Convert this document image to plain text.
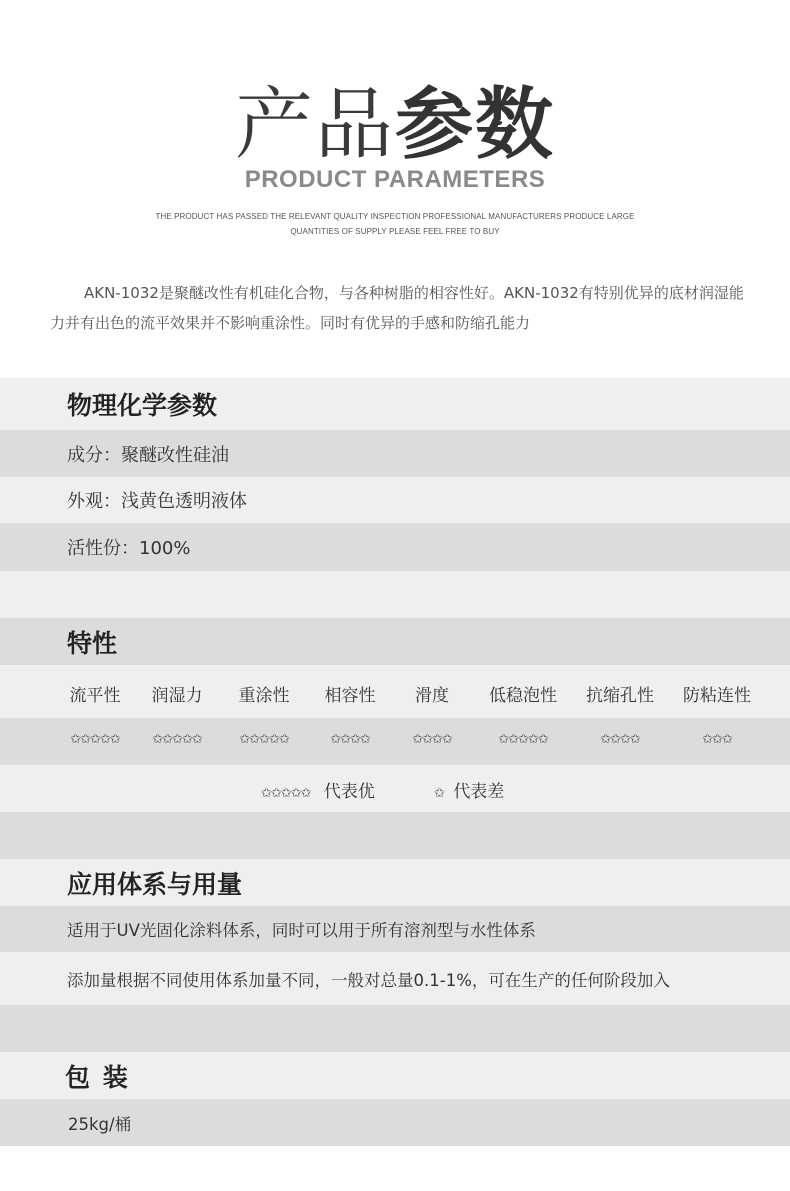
产品参数
PRODUCT PARAMETERS
THE PRODUCT HAS PASSED THE RELEVANT QUALITY INSPECTION PROFESSIONAL MANUFACTURERS PRODUCE LARGE
QUANTITIES OF SUPPLY PLEASE FEEL FREE TO BUY
AKN-1032是聚醚改性有机硅化合物，与各种树脂的相容性好。AKN-1032有特别优异的底材润湿能力并有出色的流平效果并不影响重涂性。同时有优异的手感和防缩孔能力
物理化学参数
成分：聚醚改性硅油
外观：浅黄色透明液体
活性份：100%
特性
流平性 润湿力 重涂性 相容性 滑度 低稳泡性 抗缩孔性 防粘连性
✩✩✩✩✩	✩✩✩✩✩	✩✩✩✩✩	✩✩✩✩	✩✩✩✩	✩✩✩✩✩	✩✩✩✩	✩✩✩
✩✩✩✩✩ 代表优	✩ 代表差
应用体系与用量
适用于UV光固化涂料体系，同时可以用于所有溶剂型与水性体系
添加量根据不同使用体系加量不同，一般对总量0.1-1%，可在生产的任何阶段加入
包 装
25kg/桶
